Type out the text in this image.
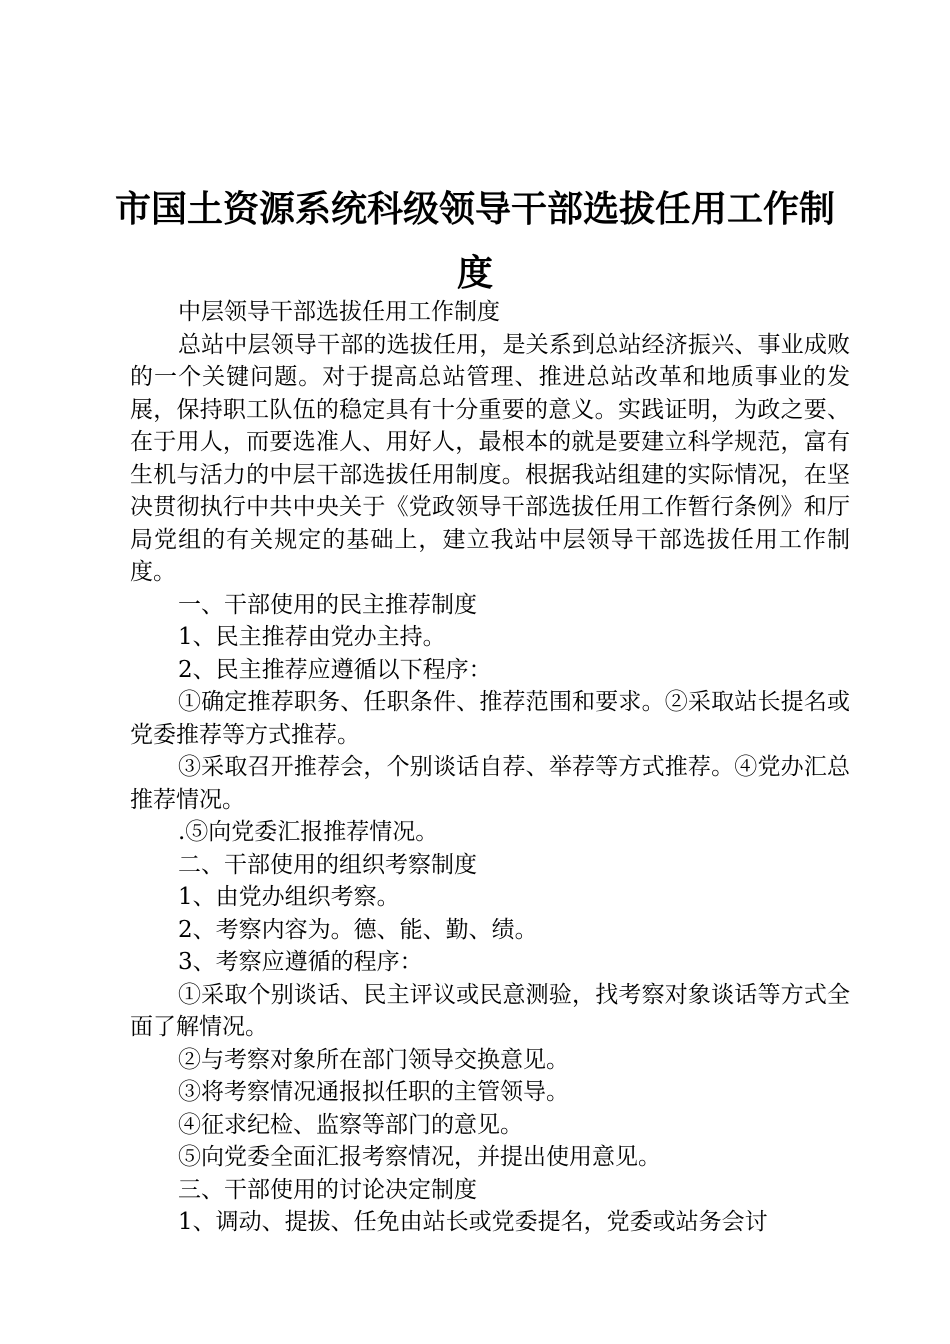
市国土资源系统科级领导干部选拔任用工作制度

中层领导干部选拔任用工作制度

总站中层领导干部的选拔任用，是关系到总站经济振兴、事业成败的一个关键问题。对于提高总站管理、推进总站改革和地质事业的发展，保持职工队伍的稳定具有十分重要的意义。实践证明，为政之要、在于用人，而要选准人、用好人，最根本的就是要建立科学规范，富有生机与活力的中层干部选拔任用制度。根据我站组建的实际情况，在坚决贯彻执行中共中央关于《党政领导干部选拔任用工作暂行条例》和厅局党组的有关规定的基础上，建立我站中层领导干部选拔任用工作制度。

一、干部使用的民主推荐制度

1、民主推荐由党办主持。

2、民主推荐应遵循以下程序：

①确定推荐职务、任职条件、推荐范围和要求。②采取站长提名或党委推荐等方式推荐。

③采取召开推荐会，个别谈话自荐、举荐等方式推荐。④党办汇总推荐情况。

.⑤向党委汇报推荐情况。

二、干部使用的组织考察制度

1、由党办组织考察。

2、考察内容为。德、能、勤、绩。

3、考察应遵循的程序：

①采取个别谈话、民主评议或民意测验，找考察对象谈话等方式全面了解情况。

②与考察对象所在部门领导交换意见。

③将考察情况通报拟任职的主管领导。

④征求纪检、监察等部门的意见。

⑤向党委全面汇报考察情况，并提出使用意见。

三、干部使用的讨论决定制度

1、调动、提拔、任免由站长或党委提名，党委或站务会讨
